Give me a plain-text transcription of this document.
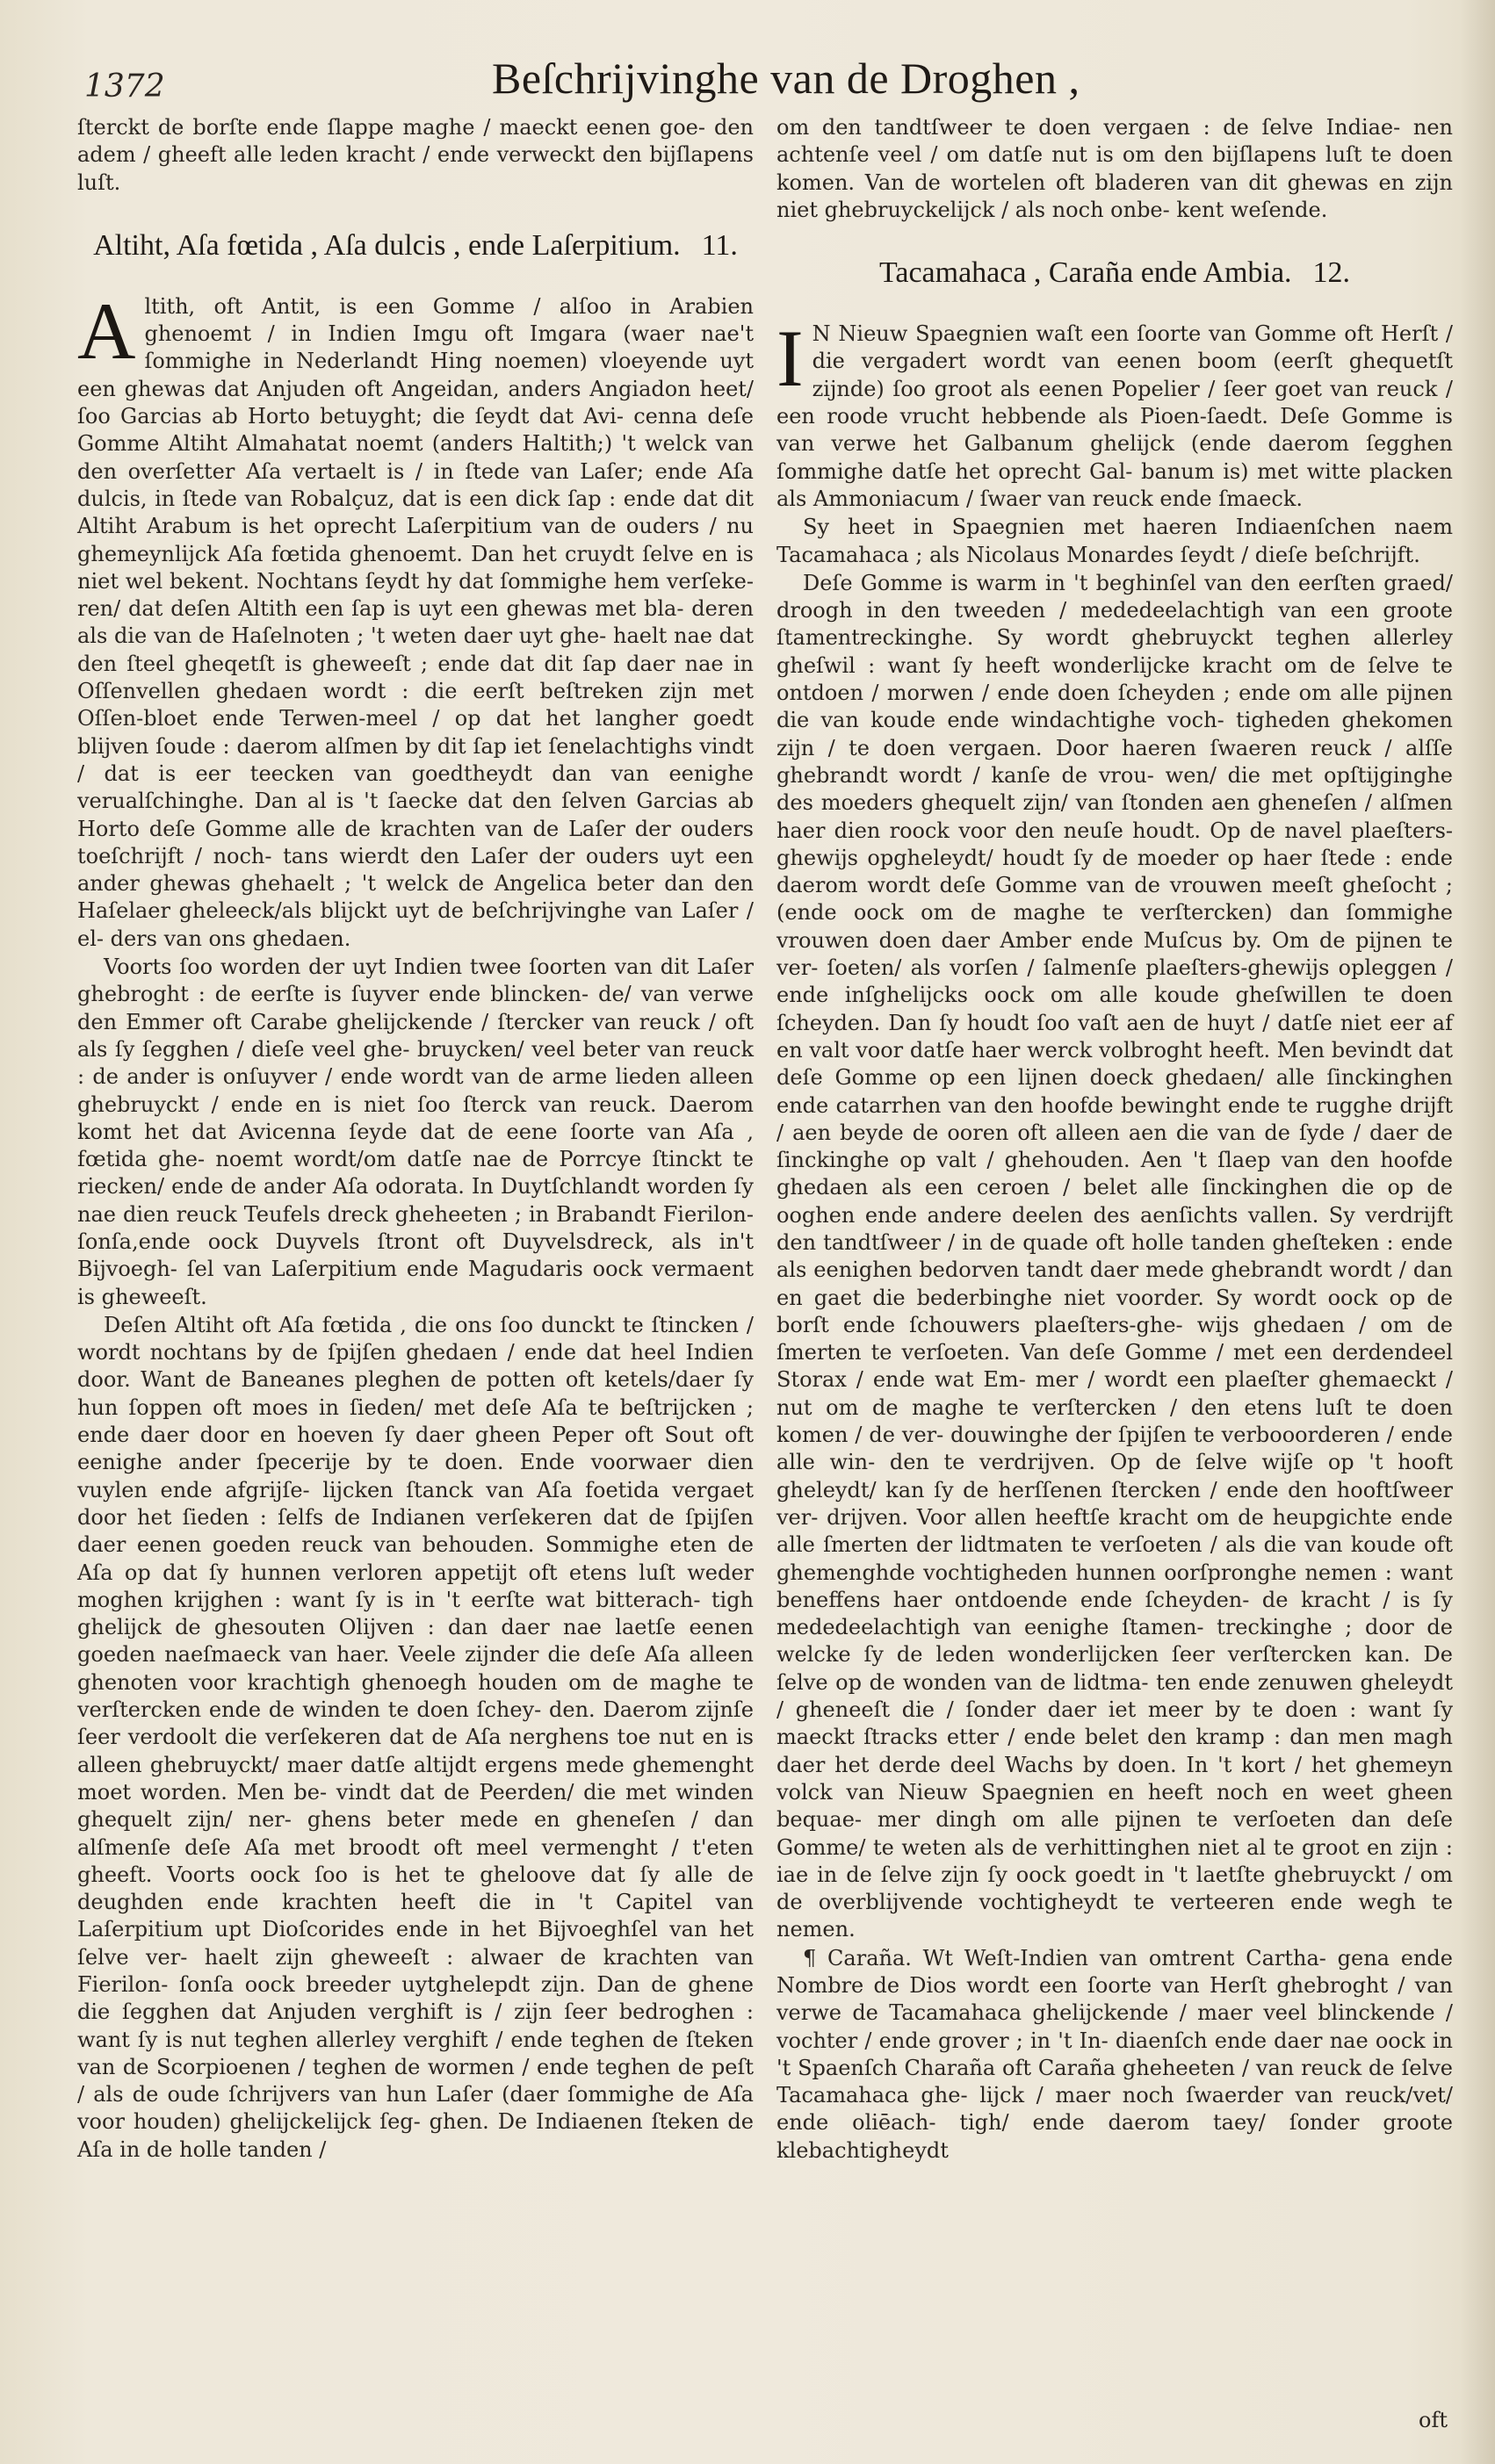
1372	Beſchrijvinghe van de Droghen ,

ſterckt de borſte ende ſlappe maghe / maeckt eenen goe- den adem / gheeft alle leden kracht / ende verweckt den bijſlapens luſt.

Altiht, Aſa fœtida , Aſa dulcis , ende Laſerpitium. 11.

Altith, oft Antit, is een Gomme / alſoo in Arabien ghenoemt / in Indien Imgu oft Imgara (waer nae't ſommighe in Nederlandt Hing noemen) vloeyende uyt een ghewas dat Anjuden oft Angeidan, anders Angiadon heet/ ſoo Garcias ab Horto betuyght; die ſeydt dat Avi- cenna deſe Gomme Altiht Almahatat noemt (anders Haltith;) 't welck van den overſetter Aſa vertaelt is / in ſtede van Laſer; ende Aſa dulcis, in ſtede van Robalçuz, dat is een dick ſap : ende dat dit Altiht Arabum is het oprecht Laſerpitium van de ouders / nu ghemeynlijck Aſa fœtida ghenoemt. Dan het cruydt ſelve en is niet wel bekent. Nochtans ſeydt hy dat ſommighe hem verſeke- ren/ dat deſen Altith een ſap is uyt een ghewas met bla- deren als die van de Haſelnoten ; 't weten daer uyt ghe- haelt nae dat den ſteel gheqetſt is gheweeſt ; ende dat dit ſap daer nae in Oſſenvellen ghedaen wordt : die eerſt beſtreken zijn met Oſſen-bloet ende Terwen-meel / op dat het langher goedt blijven ſoude : daerom alſmen by dit ſap iet ſenelachtighs vindt / dat is eer teecken van goedtheydt dan van eenighe verualſchinghe. Dan al is 't ſaecke dat den ſelven Garcias ab Horto deſe Gomme alle de krachten van de Laſer der ouders toeſchrijft / noch- tans wierdt den Laſer der ouders uyt een ander ghewas ghehaelt ; 't welck de Angelica beter dan den Haſelaer gheleeck/als blijckt uyt de beſchrijvinghe van Laſer / el- ders van ons ghedaen.

Voorts ſoo worden der uyt Indien twee ſoorten van dit Laſer ghebroght : de eerſte is ſuyver ende blincken- de/ van verwe den Emmer oft Carabe ghelijckende / ſtercker van reuck / oft als ſy ſegghen / dieſe veel ghe- bruycken/ veel beter van reuck : de ander is onſuyver / ende wordt van de arme lieden alleen ghebruyckt / ende en is niet ſoo ſterck van reuck. Daerom komt het dat Avicenna ſeyde dat de eene ſoorte van Aſa , fœtida ghe- noemt wordt/om datſe nae de Porrcye ſtinckt te riecken/ ende de ander Aſa odorata. In Duytſchlandt worden ſy nae dien reuck Teufels dreck gheheeten ; in Brabandt Fierilon- ſonſa,ende oock Duyvels ſtront oft Duyvelsdreck, als in't Bijvoegh- ſel van Laſerpitium ende Magudaris oock vermaent is gheweeſt.

Deſen Altiht oft Aſa fœtida , die ons ſoo dunckt te ſtincken / wordt nochtans by de ſpijſen ghedaen / ende dat heel Indien door. Want de Baneanes pleghen de potten oft ketels/daer ſy hun ſoppen oft moes in ſieden/ met deſe Aſa te beſtrijcken ; ende daer door en hoeven ſy daer gheen Peper oft Sout oft eenighe ander ſpecerije by te doen. Ende voorwaer dien vuylen ende afgrijſe- lijcken ſtanck van Aſa foetida vergaet door het ſieden : ſelfs de Indianen verſekeren dat de ſpijſen daer eenen goeden reuck van behouden. Sommighe eten de Aſa op dat ſy hunnen verloren appetijt oft etens luſt weder moghen krijghen : want ſy is in 't eerſte wat bitterach- tigh ghelijck de ghesouten Olijven : dan daer nae laetſe eenen goeden naeſmaeck van haer. Veele zijnder die deſe Aſa alleen ghenoten voor krachtigh ghenoegh houden om de maghe te verſtercken ende de winden te doen ſchey- den. Daerom zijnſe ſeer verdoolt die verſekeren dat de Aſa nerghens toe nut en is alleen ghebruyckt/ maer datſe altijdt ergens mede ghemenght moet worden. Men be- vindt dat de Peerden/ die met winden ghequelt zijn/ ner- ghens beter mede en gheneſen / dan alſmenſe deſe Aſa met broodt oft meel vermenght / t'eten gheeft. Voorts oock ſoo is het te gheloove dat ſy alle de deughden ende krachten heeft die in 't Capitel van Laſerpitium upt Dioſcorides ende in het Bijvoeghſel van het ſelve ver- haelt zijn gheweeſt : alwaer de krachten van Fierilon- ſonſa oock breeder uytghelepdt zijn. Dan de ghene die ſegghen dat Anjuden verghift is / zijn ſeer bedroghen : want ſy is nut teghen allerley verghift / ende teghen de ſteken van de Scorpioenen / teghen de wormen / ende teghen de peſt / als de oude ſchrijvers van hun Laſer (daer ſommighe de Aſa voor houden) ghelijckelijck ſeg- ghen. De Indiaenen ſteken de Aſa in de holle tanden /

om den tandtſweer te doen vergaen : de ſelve Indiae- nen achtenſe veel / om datſe nut is om den bijſlapens luſt te doen komen. Van de wortelen oft bladeren van dit ghewas en zijn niet ghebruyckelijck / als noch onbe- kent weſende.

Tacamahaca , Caraña ende Ambia. 12.

I N Nieuw Spaegnien waſt een ſoorte van Gomme oft Herſt / die vergadert wordt van eenen boom (eerſt ghequetſt zijnde) ſoo groot als eenen Popelier / ſeer goet van reuck / een roode vrucht hebbende als Pioen-ſaedt. Deſe Gomme is van verwe het Galbanum ghelijck (ende daerom ſegghen ſommighe datſe het oprecht Gal- banum is) met witte placken als Ammoniacum / ſwaer van reuck ende ſmaeck.

Sy heet in Spaegnien met haeren Indiaenſchen naem Tacamahaca ; als Nicolaus Monardes ſeydt / dieſe beſchrijft.

Deſe Gomme is warm in 't beghinſel van den eerſten graed/ droogh in den tweeden / mededeelachtigh van een groote ſtamentreckinghe. Sy wordt ghebruyckt teghen allerley gheſwil : want ſy heeft wonderlijcke kracht om de ſelve te ontdoen / morwen / ende doen ſcheyden ; ende om alle pijnen die van koude ende windachtighe voch- tigheden ghekomen zijn / te doen vergaen. Door haeren ſwaeren reuck / alſſe ghebrandt wordt / kanſe de vrou- wen/ die met opſtijginghe des moeders ghequelt zijn/ van ſtonden aen gheneſen / alſmen haer dien roock voor den neuſe houdt. Op de navel plaeſters-ghewijs opgheleydt/ houdt ſy de moeder op haer ſtede : ende daerom wordt deſe Gomme van de vrouwen meeſt gheſocht ; (ende oock om de maghe te verſtercken) dan ſommighe vrouwen doen daer Amber ende Muſcus by. Om de pijnen te ver- ſoeten/ als vorſen / ſalmenſe plaeſters-ghewijs opleggen / ende inſghelijcks oock om alle koude gheſwillen te doen ſcheyden. Dan ſy houdt ſoo vaſt aen de huyt / datſe niet eer af en valt voor datſe haer werck volbroght heeft. Men bevindt dat deſe Gomme op een lijnen doeck ghedaen/ alle ſinckinghen ende catarrhen van den hoofde bewinght ende te rugghe drijft / aen beyde de ooren oft alleen aen die van de ſyde / daer de ſinckinghe op valt / ghehouden. Aen 't ſlaep van den hoofde ghedaen als een ceroen / belet alle ſinckinghen die op de ooghen ende andere deelen des aenſichts vallen. Sy verdrijft den tandtſweer / in de quade oft holle tanden gheſteken : ende als eenighen bedorven tandt daer mede ghebrandt wordt / dan en gaet die bederbinghe niet voorder. Sy wordt oock op de borſt ende ſchouwers plaeſters-ghe- wijs ghedaen / om de ſmerten te verſoeten. Van deſe Gomme / met een derdendeel Storax / ende wat Em- mer / wordt een plaeſter ghemaeckt / nut om de maghe te verſtercken / den etens luſt te doen komen / de ver- douwinghe der ſpijſen te verbooorderen / ende alle win- den te verdrijven. Op de ſelve wijſe op 't hooft gheleydt/ kan ſy de herſſenen ſtercken / ende den hooftſweer ver- drijven. Voor allen heeftſe kracht om de heupgichte ende alle ſmerten der lidtmaten te verſoeten / als die van koude oft ghemenghde vochtigheden hunnen oorſpronghe nemen : want beneffens haer ontdoende ende ſcheyden- de kracht / is ſy mededeelachtigh van eenighe ſtamen- treckinghe ; door de welcke ſy de leden wonderlijcken ſeer verſtercken kan. De ſelve op de wonden van de lidtma- ten ende zenuwen gheleydt / gheneeſt die / ſonder daer iet meer by te doen : want ſy maeckt ſtracks etter / ende belet den kramp : dan men magh daer het derde deel Wachs by doen. In 't kort / het ghemeyn volck van Nieuw Spaegnien en heeft noch en weet gheen bequae- mer dingh om alle pijnen te verſoeten dan deſe Gomme/ te weten als de verhittinghen niet al te groot en zijn : iae in de ſelve zijn ſy oock goedt in 't laetſte ghebruyckt / om de overblijvende vochtigheydt te verteeren ende wegh te nemen.

¶ Caraña. Wt Weſt-Indien van omtrent Cartha- gena ende Nombre de Dios wordt een ſoorte van Herſt ghebroght / van verwe de Tacamahaca ghelijckende / maer veel blinckende / vochter / ende grover ; in 't In- diaenſch ende daer nae oock in 't Spaenſch Charaña oft Caraña gheheeten / van reuck de ſelve Tacamahaca ghe- lijck / maer noch ſwaerder van reuck/vet/ ende oliēach- tigh/ ende daerom taey/ ſonder groote klebachtigheydt

oft
